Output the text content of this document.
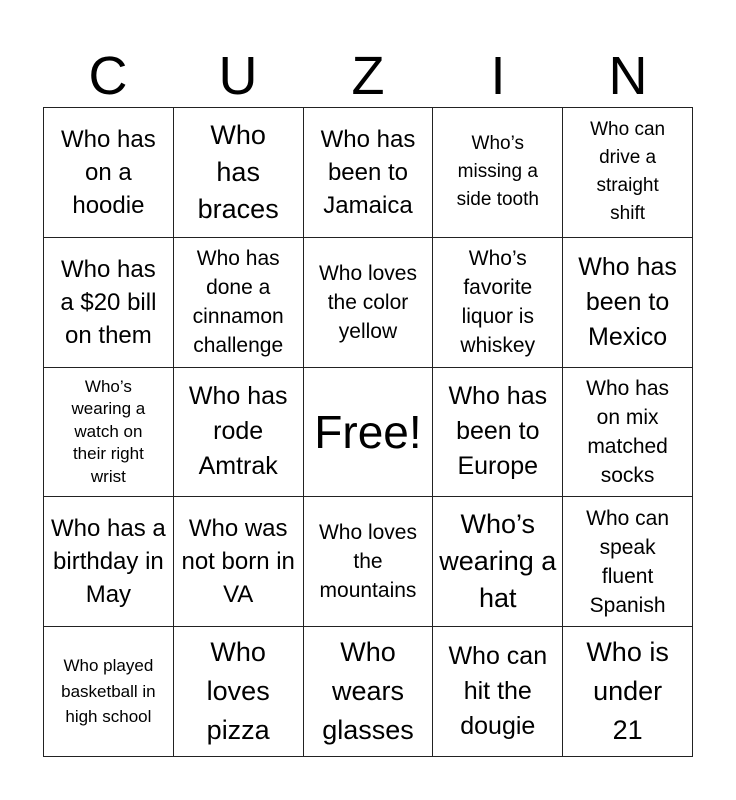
C	U	Z	I	N
Who has on a hoodie
Who has braces
Who has been to Jamaica
Who’s missing a side tooth
Who can drive a straight shift
Who has a $20 bill on them
Who has done a cinnamon challenge
Who loves the color yellow
Who’s favorite liquor is whiskey
Who has been to Mexico
Who’s wearing a watch on their right wrist
Who has rode Amtrak
Free!
Who has been to Europe
Who has on mix matched socks
Who has a birthday in May
Who was not born in VA
Who loves the mountains
Who’s wearing a hat
Who can speak fluent Spanish
Who played basketball in high school
Who loves pizza
Who wears glasses
Who can hit the dougie
Who is under 21
